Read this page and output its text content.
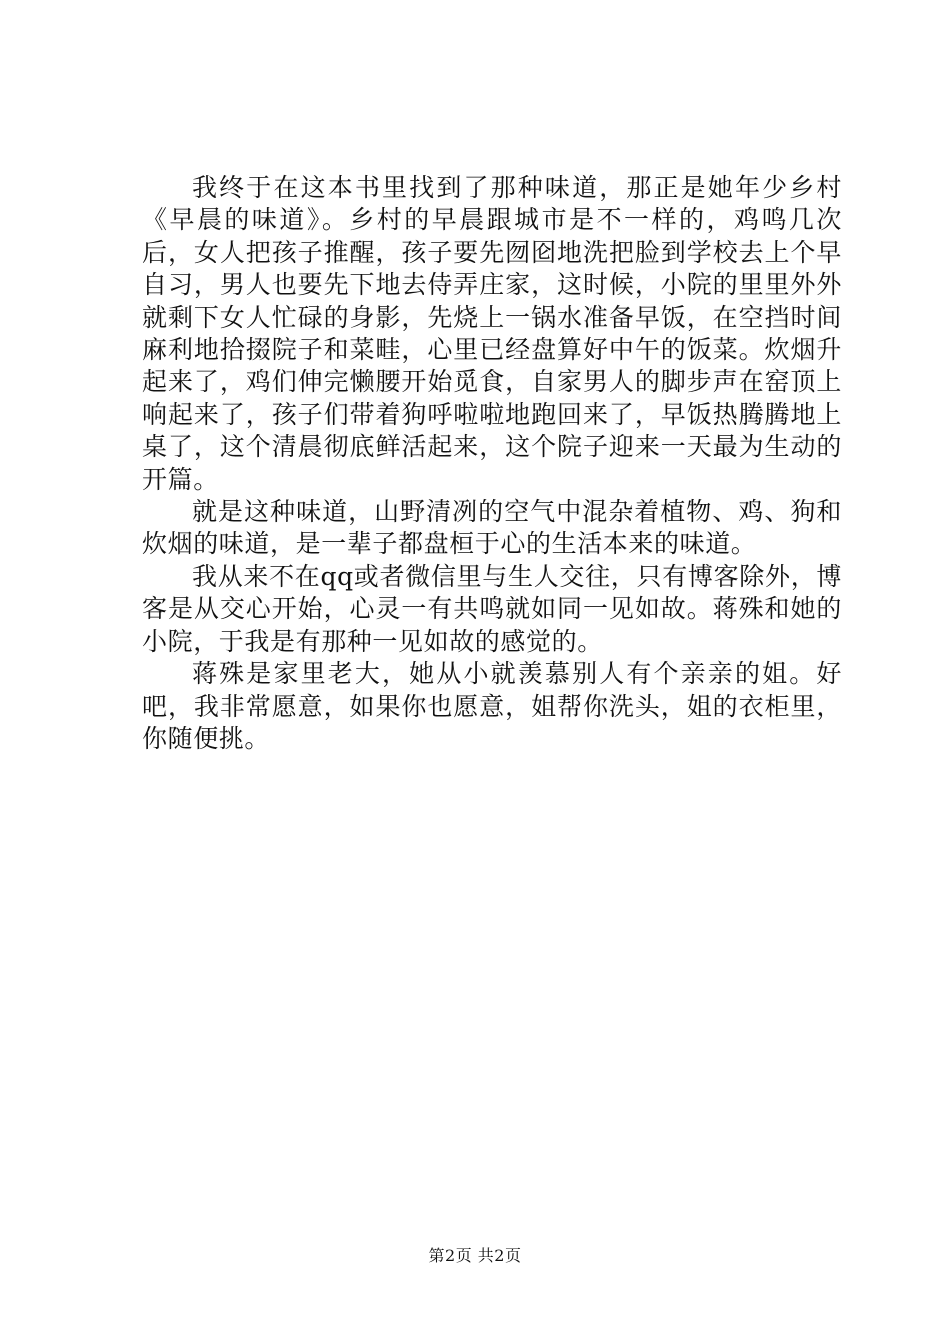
我终于在这本书里找到了那种味道，那正是她年少乡村《早晨的味道》。乡村的早晨跟城市是不一样的，鸡鸣几次后，女人把孩子推醒，孩子要先囫囵地洗把脸到学校去上个早自习，男人也要先下地去侍弄庄家，这时候，小院的里里外外就剩下女人忙碌的身影，先烧上一锅水准备早饭，在空挡时间麻利地拾掇院子和菜畦，心里已经盘算好中午的饭菜。炊烟升起来了，鸡们伸完懒腰开始觅食，自家男人的脚步声在窑顶上响起来了，孩子们带着狗呼啦啦地跑回来了，早饭热腾腾地上桌了，这个清晨彻底鲜活起来，这个院子迎来一天最为生动的开篇。

就是这种味道，山野清冽的空气中混杂着植物、鸡、狗和炊烟的味道，是一辈子都盘桓于心的生活本来的味道。

我从来不在qq或者微信里与生人交往，只有博客除外，博客是从交心开始，心灵一有共鸣就如同一见如故。蒋殊和她的小院，于我是有那种一见如故的感觉的。

蒋殊是家里老大，她从小就羡慕别人有个亲亲的姐。好吧，我非常愿意，如果你也愿意，姐帮你洗头，姐的衣柜里，你随便挑。

第2页 共2页
